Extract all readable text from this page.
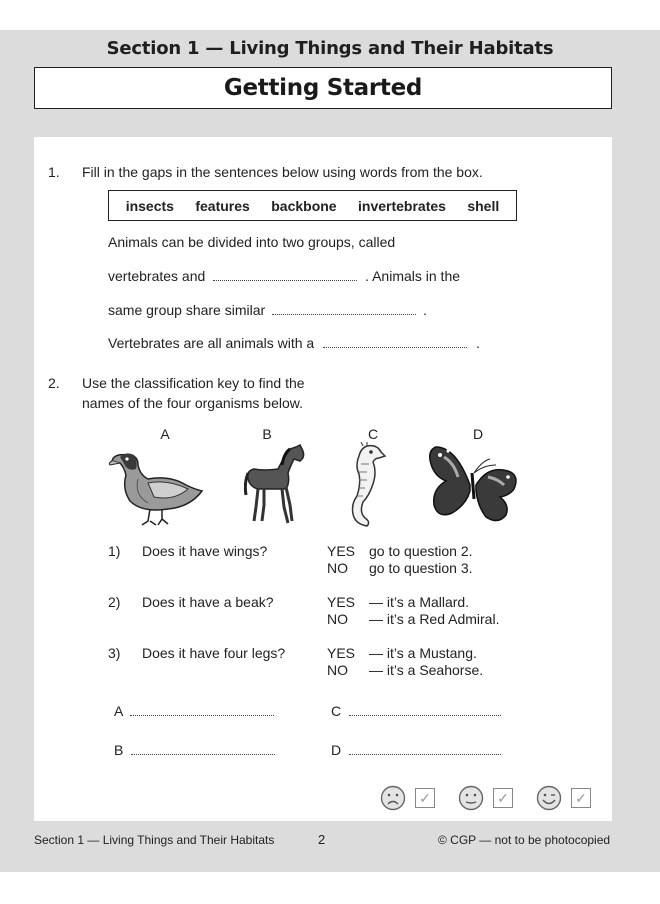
Section 1 — Living Things and Their Habitats
Getting Started
1. Fill in the gaps in the sentences below using words from the box.
insects features backbone invertebrates shell
Animals can be divided into two groups, called
vertebrates and	. Animals in the
same group share similar	.
Vertebrates are all animals with a	.
2. Use the classification key to find the
names of the four organisms below.
A	B	C	D
1) Does it have wings?	YES go to question 2.
NO go to question 3.
2) Does it have a beak?	YES — it’s a Mallard.
NO — it’s a Red Admiral.
3) Does it have four legs?	YES — it’s a Mustang.
NO — it’s a Seahorse.
A	C
B	D
✓	✓	✓
Section 1 — Living Things and Their Habitats	2	© CGP — not to be photocopied
